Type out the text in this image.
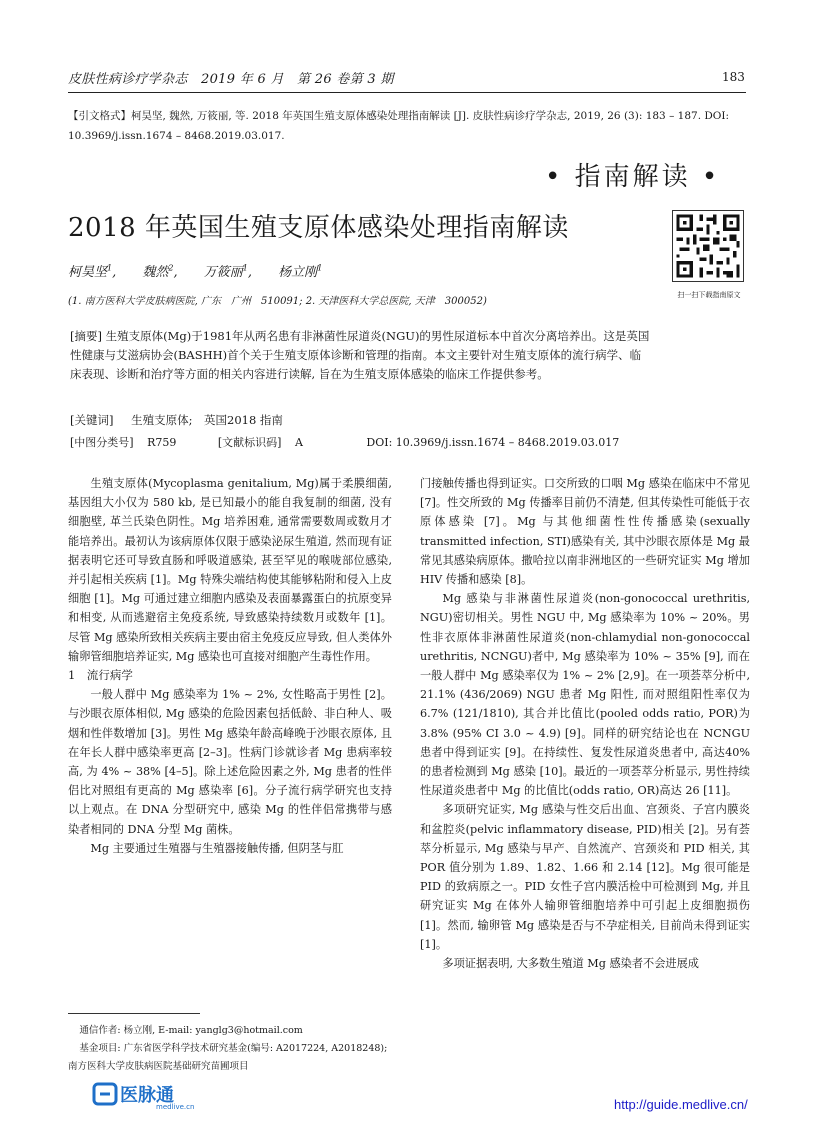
皮肤性病诊疗学杂志　2019 年 6 月　第 26 卷第 3 期	183
【引文格式】柯昊坚, 魏然, 万筱丽, 等. 2018 年英国生殖支原体感染处理指南解读 [J]. 皮肤性病诊疗学杂志, 2019, 26 (3): 183 – 187. DOI: 10.3969/j.issn.1674 – 8468.2019.03.017.
• 指南解读 •
2018 年英国生殖支原体感染处理指南解读
扫一扫下载指南原文
柯昊坚$^1$, 魏然$^2$, 万筱丽$^1$, 杨立刚$^1$
(1. 南方医科大学皮肤病医院, 广东　广州　510091; 2. 天津医科大学总医院, 天津　300052)
[摘要] 生殖支原体(Mg)于1981年从两名患有非淋菌性尿道炎(NGU)的男性尿道标本中首次分离培养出。这是英国性健康与艾滋病协会(BASHH)首个关于生殖支原体诊断和管理的指南。本文主要针对生殖支原体的流行病学、临床表现、诊断和治疗等方面的相关内容进行读解, 旨在为生殖支原体感染的临床工作提供参考。
[关键词] 生殖支原体;　英国2018 指南
[中图分类号] R759	[文献标识码] A	DOI: 10.3969/j.issn.1674 – 8468.2019.03.017

生殖支原体(Mycoplasma genitalium, Mg)属于柔膜细菌, 基因组大小仅为 580 kb, 是已知最小的能自我复制的细菌, 没有细胞壁, 革兰氏染色阴性。Mg 培养困难, 通常需要数周或数月才能培养出。最初认为该病原体仅限于感染泌尿生殖道, 然而现有证据表明它还可导致直肠和呼吸道感染, 甚至罕见的喉咙部位感染, 并引起相关疾病 [1]。Mg 特殊尖端结构使其能够粘附和侵入上皮细胞 [1]。Mg 可通过建立细胞内感染及表面暴露蛋白的抗原变异和相变, 从而逃避宿主免疫系统, 导致感染持续数月或数年 [1]。尽管 Mg 感染所致相关疾病主要由宿主免疫反应导致, 但人类体外输卵管细胞培养证实, Mg 感染也可直接对细胞产生毒性作用。

1　流行病学

一般人群中 Mg 感染率为 1% ~ 2%, 女性略高于男性 [2]。与沙眼衣原体相似, Mg 感染的危险因素包括低龄、非白种人、吸烟和性伴数增加 [3]。男性 Mg 感染年龄高峰晚于沙眼衣原体, 且在年长人群中感染率更高 [2–3]。性病门诊就诊者 Mg 患病率较高, 为 4% ~ 38% [4–5]。除上述危险因素之外, Mg 患者的性伴侣比对照组有更高的 Mg 感染率 [6]。分子流行病学研究也支持以上观点。在 DNA 分型研究中, 感染 Mg 的性伴侣常携带与感染者相同的 DNA 分型 Mg 菌株。

Mg 主要通过生殖器与生殖器接触传播, 但阴茎与肛

门接触传播也得到证实。口交所致的口咽 Mg 感染在临床中不常见 [7]。性交所致的 Mg 传播率目前仍不清楚, 但其传染性可能低于衣原体感染 [7]。Mg 与其他细菌性性传播感染(sexually transmitted infection, STI)感染有关, 其中沙眼衣原体是 Mg 最常见其感染病原体。撒哈拉以南非洲地区的一些研究证实 Mg 增加 HIV 传播和感染 [8]。

Mg 感染与非淋菌性尿道炎(non-gonococcal urethritis, NGU)密切相关。男性 NGU 中, Mg 感染率为 10% ~ 20%。男性非衣原体非淋菌性尿道炎(non-chlamydial non-gonococcal urethritis, NCNGU)者中, Mg 感染率为 10% ~ 35% [9], 而在一般人群中 Mg 感染率仅为 1% ~ 2% [2,9]。在一项荟萃分析中, 21.1% (436/2069) NGU 患者 Mg 阳性, 而对照组阳性率仅为 6.7% (121/1810), 其合并比值比(pooled odds ratio, POR)为 3.8% (95% CI 3.0 ~ 4.9) [9]。同样的研究结论也在 NCNGU 患者中得到证实 [9]。在持续性、复发性尿道炎患者中, 高达40%的患者检测到 Mg 感染 [10]。最近的一项荟萃分析显示, 男性持续性尿道炎患者中 Mg 的比值比(odds ratio, OR)高达 26 [11]。

多项研究证实, Mg 感染与性交后出血、宫颈炎、子宫内膜炎和盆腔炎(pelvic inflammatory disease, PID)相关 [2]。另有荟萃分析显示, Mg 感染与早产、自然流产、宫颈炎和 PID 相关, 其 POR 值分别为 1.89、1.82、1.66 和 2.14 [12]。Mg 很可能是 PID 的致病原之一。PID 女性子宫内膜活检中可检测到 Mg, 并且研究证实 Mg 在体外人输卵管细胞培养中可引起上皮细胞损伤 [1]。然而, 输卵管 Mg 感染是否与不孕症相关, 目前尚未得到证实 [1]。

多项证据表明, 大多数生殖道 Mg 感染者不会进展成

通信作者: 杨立刚, E-mail: yanglg3@hotmail.com
基金项目: 广东省医学科学技术研究基金(编号: A2017224, A2018248); 南方医科大学皮肤病医院基础研究苗圃项目
医脉通
medlive.cn	http://guide.medlive.cn/
